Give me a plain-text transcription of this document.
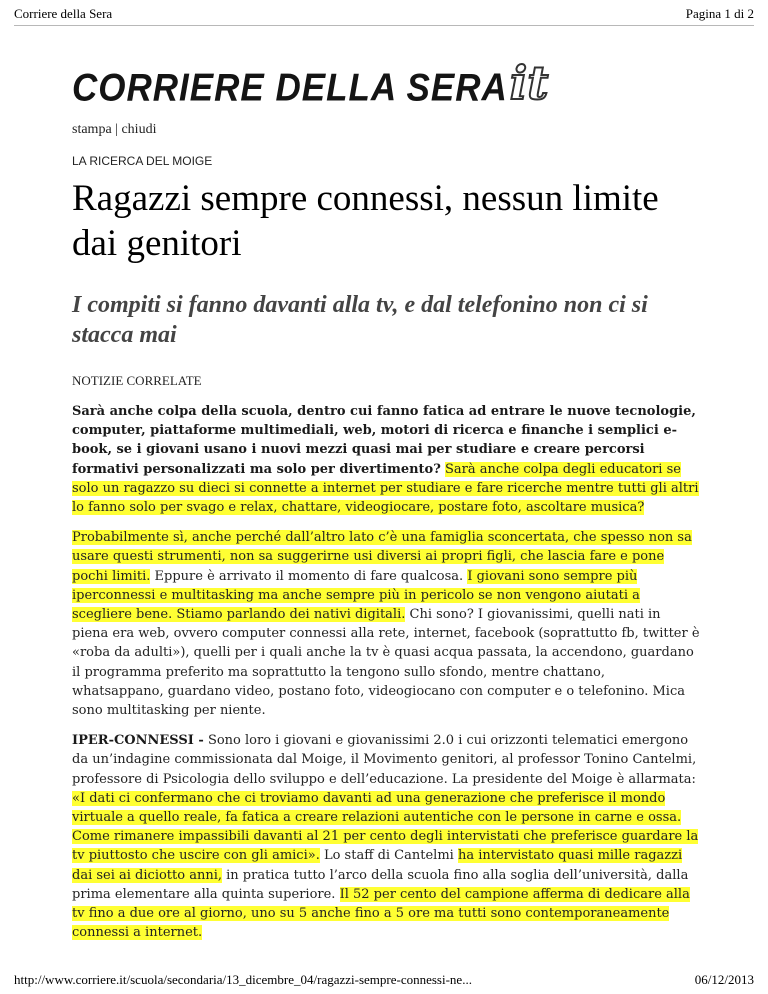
Corriere della Sera	Pagina 1 di 2
CORRIERE DELLA SERAit
stampa | chiudi
LA RICERCA DEL MOIGE
Ragazzi sempre connessi, nessun limite dai genitori
I compiti si fanno davanti alla tv, e dal telefonino non ci si stacca mai
NOTIZIE CORRELATE

Sarà anche colpa della scuola, dentro cui fanno fatica ad entrare le nuove tecnologie, computer, piattaforme multimediali, web, motori di ricerca e finanche i semplici e-book, se i giovani usano i nuovi mezzi quasi mai per studiare e creare percorsi formativi personalizzati ma solo per divertimento? Sarà anche colpa degli educatori se solo un ragazzo su dieci si connette a internet per studiare e fare ricerche mentre tutti gli altri lo fanno solo per svago e relax, chattare, videogiocare, postare foto, ascoltare musica?

Probabilmente sì, anche perché dall’altro lato c’è una famiglia sconcertata, che spesso non sa usare questi strumenti, non sa suggerirne usi diversi ai propri figli, che lascia fare e pone pochi limiti. Eppure è arrivato il momento di fare qualcosa. I giovani sono sempre più iperconnessi e multitasking ma anche sempre più in pericolo se non vengono aiutati a scegliere bene. Stiamo parlando dei nativi digitali. Chi sono? I giovanissimi, quelli nati in piena era web, ovvero computer connessi alla rete, internet, facebook (soprattutto fb, twitter è «roba da adulti»), quelli per i quali anche la tv è quasi acqua passata, la accendono, guardano il programma preferito ma soprattutto la tengono sullo sfondo, mentre chattano, whatsappano, guardano video, postano foto, videogiocano con computer e o telefonino. Mica sono multitasking per niente.

IPER-CONNESSI - Sono loro i giovani e giovanissimi 2.0 i cui orizzonti telematici emergono da un’indagine commissionata dal Moige, il Movimento genitori, al professor Tonino Cantelmi, professore di Psicologia dello sviluppo e dell’educazione. La presidente del Moige è allarmata: «I dati ci confermano che ci troviamo davanti ad una generazione che preferisce il mondo virtuale a quello reale, fa fatica a creare relazioni autentiche con le persone in carne e ossa. Come rimanere impassibili davanti al 21 per cento degli intervistati che preferisce guardare la tv piuttosto che uscire con gli amici». Lo staff di Cantelmi ha intervistato quasi mille ragazzi dai sei ai diciotto anni, in pratica tutto l’arco della scuola fino alla soglia dell’università, dalla prima elementare alla quinta superiore. Il 52 per cento del campione afferma di dedicare alla tv fino a due ore al giorno, uno su 5 anche fino a 5 ore ma tutti sono contemporaneamente connessi a internet.

http://www.corriere.it/scuola/secondaria/13_dicembre_04/ragazzi-sempre-connessi-ne...	06/12/2013
